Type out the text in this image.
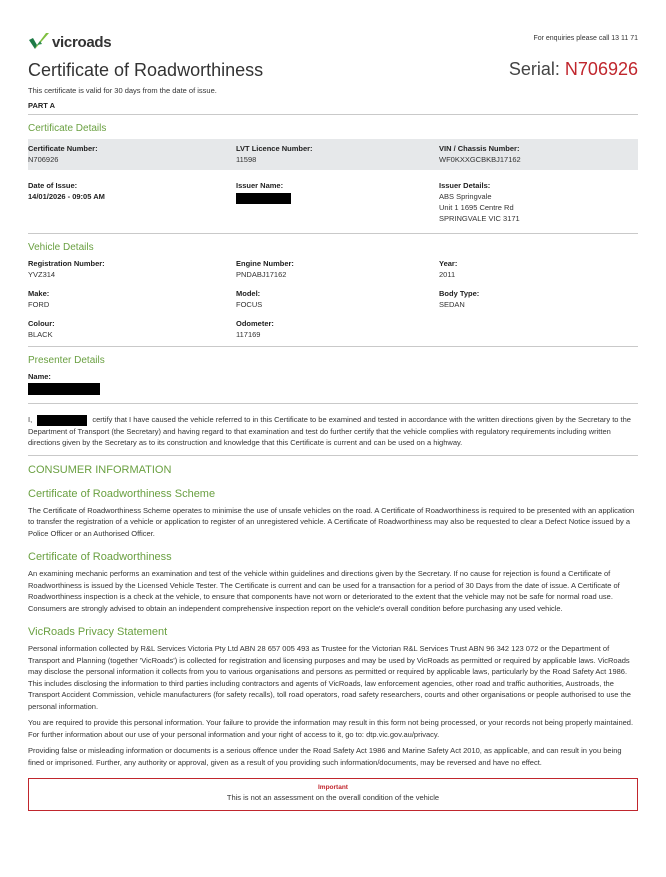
vicroads	For enquiries please call 13 11 71
Certificate of Roadworthiness	Serial: N706926
This certificate is valid for 30 days from the date of issue.
PART A
Certificate Details
Certificate Number:
N706926
LVT Licence Number:
11598
VIN / Chassis Number:
WF0KXXGCBKBJ17162
Date of Issue:
14/01/2026 - 09:05 AM
Issuer Name:	Issuer Details:
ABS Springvale
Unit 1 1695 Centre Rd
SPRINGVALE VIC 3171
Vehicle Details
Registration Number:
YVZ314
Engine Number:
PNDABJ17162
Year:
2011
Make:
FORD
Model:
FOCUS
Body Type:
SEDAN
Colour:
BLACK
Odometer:
117169
Presenter Details
Name:
I,	certify that I have caused the vehicle referred to in this Certificate to be examined and tested in accordance with the written directions given by the Secretary to the Department of Transport (the Secretary) and having regard to that examination and test do further certify that the vehicle complies with regulatory requirements including written directions given by the Secretary as to its construction and knowledge that this Certificate is current and can be used on a highway.
CONSUMER INFORMATION
Certificate of Roadworthiness Scheme

The Certificate of Roadworthiness Scheme operates to minimise the use of unsafe vehicles on the road. A Certificate of Roadworthiness is required to be presented with an application to transfer the registration of a vehicle or application to register of an unregistered vehicle. A Certificate of Roadworthiness may also be requested to clear a Defect Notice issued by a Police Officer or an Authorised Officer.

Certificate of Roadworthiness

An examining mechanic performs an examination and test of the vehicle within guidelines and directions given by the Secretary. If no cause for rejection is found a Certificate of Roadworthiness is issued by the Licensed Vehicle Tester. The Certificate is current and can be used for a transaction for a period of 30 Days from the date of issue. A Certificate of Roadworthiness inspection is a check at the vehicle, to ensure that components have not worn or deteriorated to the extent that the vehicle may not be safe for normal road use. Consumers are strongly advised to obtain an independent comprehensive inspection report on the vehicle's overall condition before purchasing any used vehicle.

VicRoads Privacy Statement

Personal information collected by R&L Services Victoria Pty Ltd ABN 28 657 005 493 as Trustee for the Victorian R&L Services Trust ABN 96 342 123 072 or the Department of Transport and Planning (together 'VicRoads') is collected for registration and licensing purposes and may be used by VicRoads as permitted or required by applicable laws. VicRoads may disclose the personal information it collects from you to various organisations and persons as permitted or required by applicable laws, particularly by the Road Safety Act 1986. This includes disclosing the information to third parties including contractors and agents of VicRoads, law enforcement agencies, other road and traffic authorities, Austroads, the Transport Accident Commission, vehicle manufacturers (for safety recalls), toll road operators, road safety researchers, courts and other organisations or people authorised to use the personal information.

You are required to provide this personal information. Your failure to provide the information may result in this form not being processed, or your records not being properly maintained. For further information about our use of your personal information and your right of access to it, go to: dtp.vic.gov.au/privacy.

Providing false or misleading information or documents is a serious offence under the Road Safety Act 1986 and Marine Safety Act 2010, as applicable, and can result in you being fined or imprisoned. Further, any authority or approval, given as a result of you providing such information/documents, may be reversed and have no effect.

Important
This is not an assessment on the overall condition of the vehicle
